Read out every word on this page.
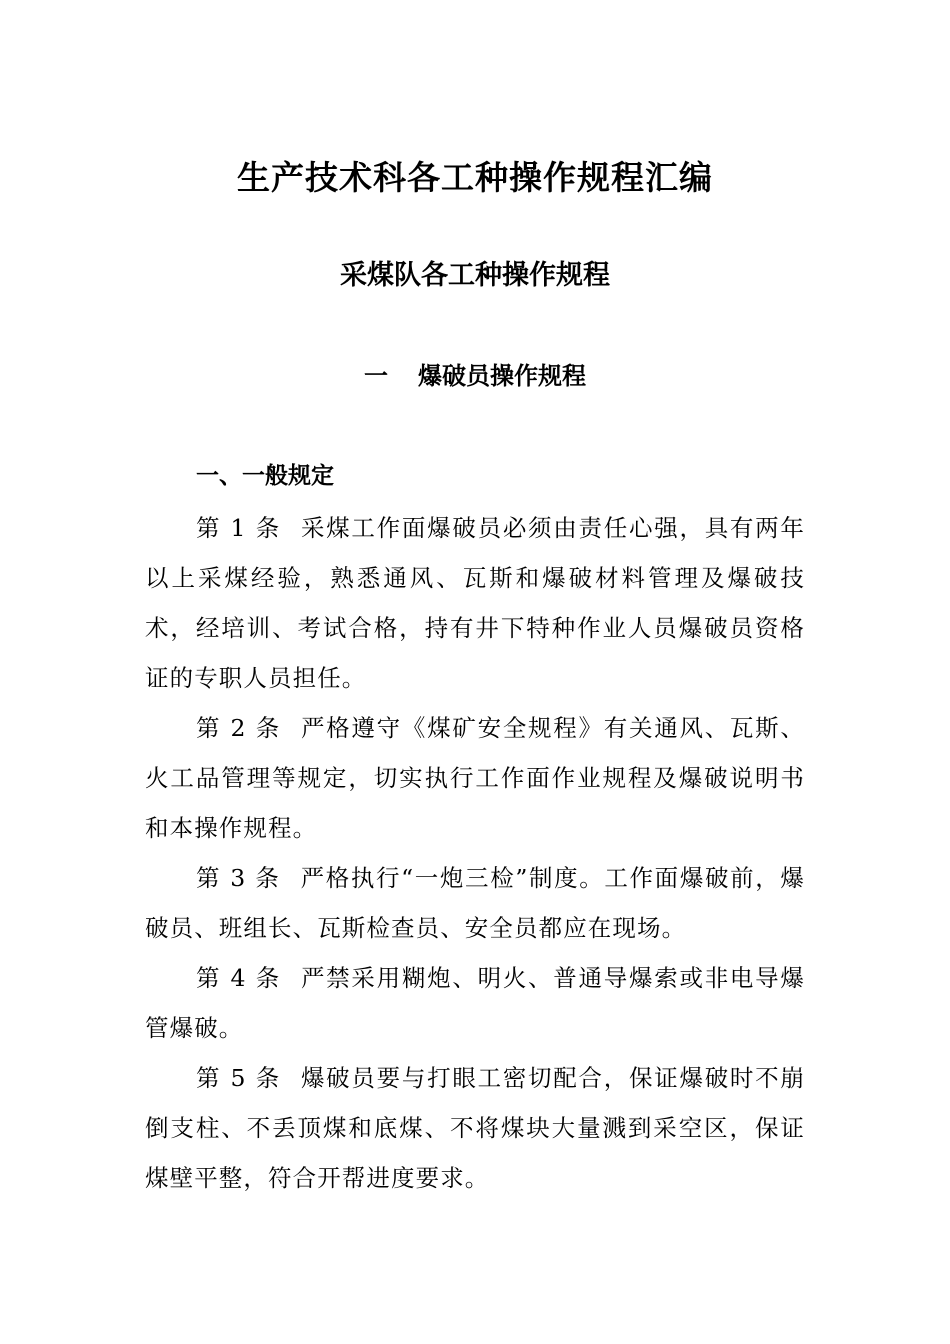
生产技术科各工种操作规程汇编
采煤队各工种操作规程
一 爆破员操作规程
一、一般规定

第 1 条 采煤工作面爆破员必须由责任心强，具有两年以上采煤经验，熟悉通风、瓦斯和爆破材料管理及爆破技术，经培训、考试合格，持有井下特种作业人员爆破员资格证的专职人员担任。

第 2 条 严格遵守《煤矿安全规程》有关通风、瓦斯、火工品管理等规定，切实执行工作面作业规程及爆破说明书和本操作规程。

第 3 条 严格执行“一炮三检”制度。工作面爆破前，爆破员、班组长、瓦斯检查员、安全员都应在现场。

第 4 条 严禁采用糊炮、明火、普通导爆索或非电导爆管爆破。

第 5 条 爆破员要与打眼工密切配合，保证爆破时不崩倒支柱、不丢顶煤和底煤、不将煤块大量溅到采空区，保证煤壁平整，符合开帮进度要求。
